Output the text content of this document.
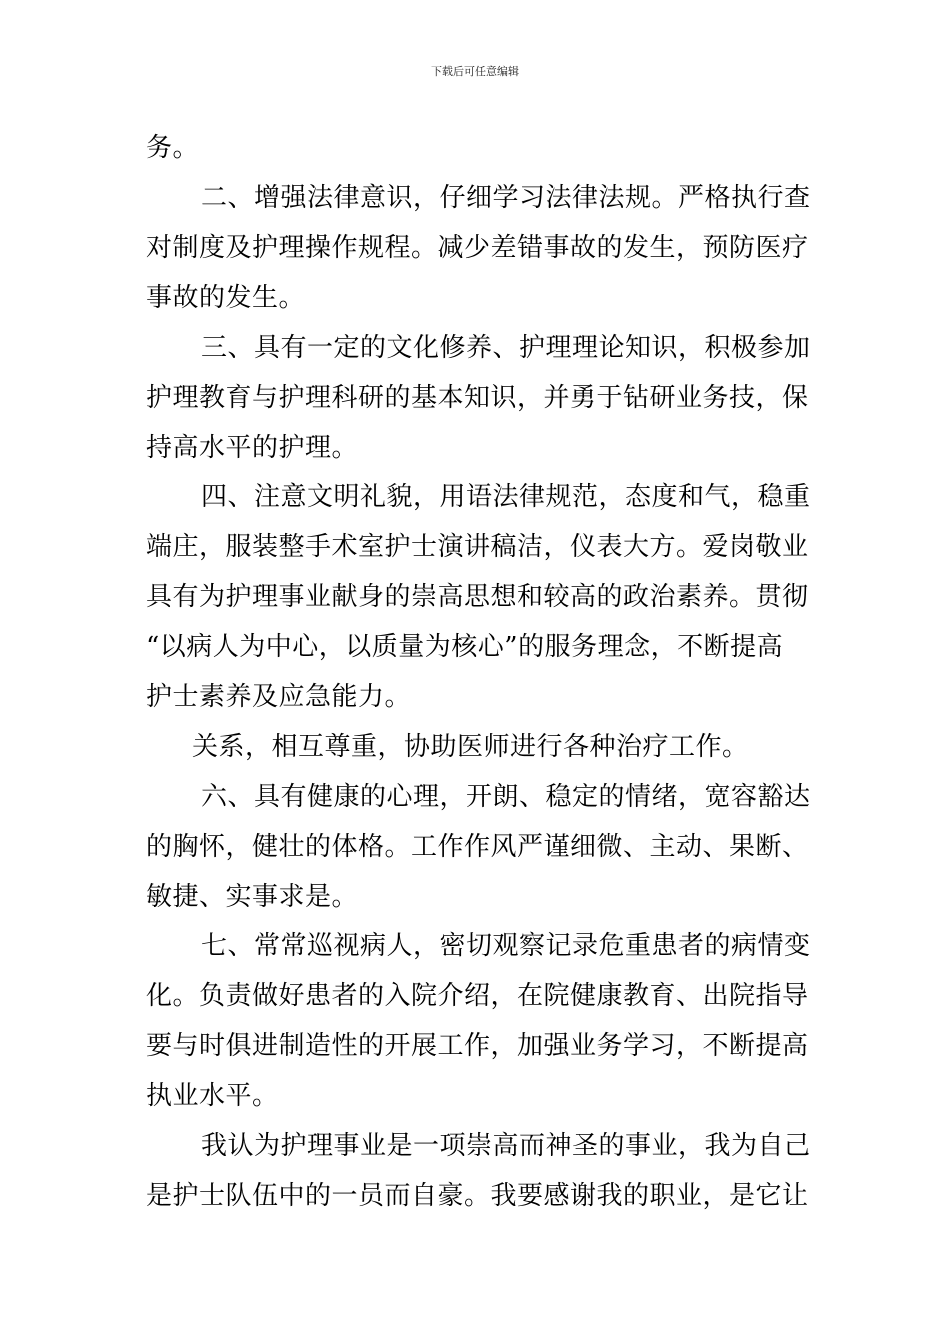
下载后可任意编辑
务。
二、增强法律意识，仔细学习法律法规。严格执行查
对制度及护理操作规程。减少差错事故的发生，预防医疗
事故的发生。
三、具有一定的文化修养、护理理论知识，积极参加
护理教育与护理科研的基本知识，并勇于钻研业务技，保
持高水平的护理。
四、注意文明礼貌，用语法律规范，态度和气，稳重
端庄，服装整手术室护士演讲稿洁，仪表大方。爱岗敬业
具有为护理事业献身的崇高思想和较高的政治素养。贯彻
“以病人为中心，以质量为核心”的服务理念，不断提高
护士素养及应急能力。
关系，相互尊重，协助医师进行各种治疗工作。
六、具有健康的心理，开朗、稳定的情绪，宽容豁达
的胸怀，健壮的体格。工作作风严谨细微、主动、果断、
敏捷、实事求是。
七、常常巡视病人，密切观察记录危重患者的病情变
化。负责做好患者的入院介绍，在院健康教育、出院指导
要与时俱进制造性的开展工作，加强业务学习，不断提高
执业水平。
我认为护理事业是一项崇高而神圣的事业，我为自己
是护士队伍中的一员而自豪。我要感谢我的职业，是它让
